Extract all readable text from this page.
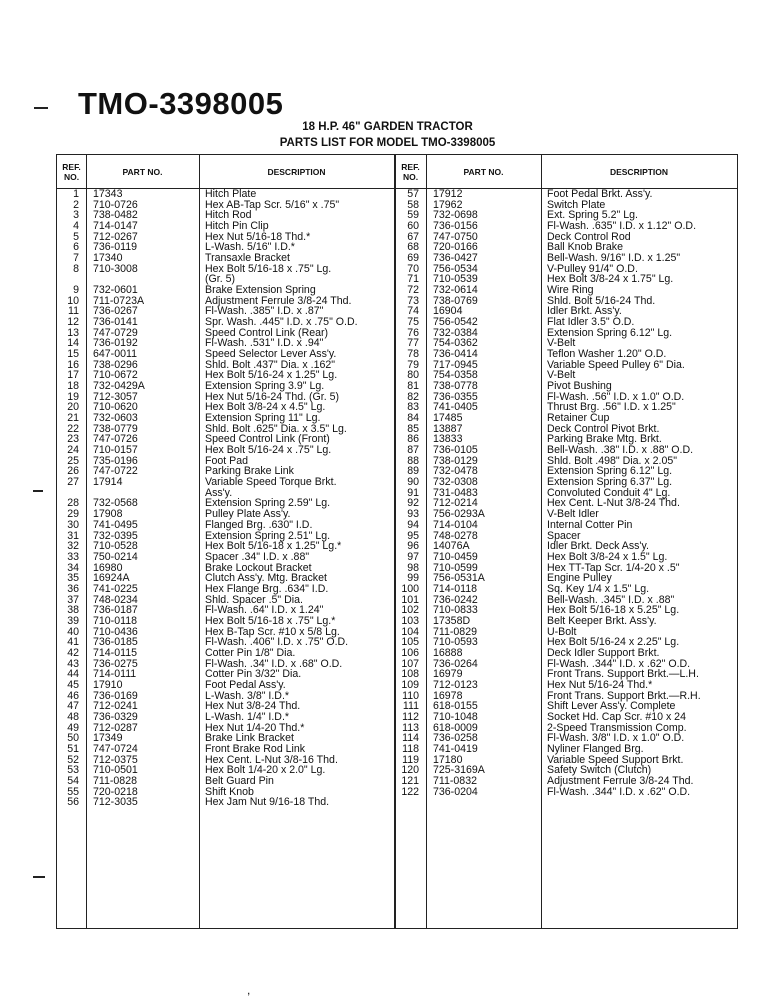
TMO-3398005
18 H.P. 46" GARDEN TRACTOR
PARTS LIST FOR MODEL TMO-3398005
REF. NO.	PART NO.	DESCRIPTION	REF. NO.	PART NO.	DESCRIPTION
1 17343	Hitch Plate	57 17912	Foot Pedal Brkt. Ass'y.
2 710-0726	Hex AB-Tap Scr. 5/16" x .75"	58 17962	Switch Plate
3 738-0482	Hitch Rod	59 732-0698	Ext. Spring 5.2" Lg.
4 714-0147	Hitch Pin Clip	60 736-0156	Fl-Wash. .635" I.D. x 1.12" O.D.
5 712-0267	Hex Nut 5/16-18 Thd.*	67 747-0750	Deck Control Rod
6 736-0119	L-Wash. 5/16" I.D.*	68 720-0166	Ball Knob Brake
7 17340	Transaxle Bracket	69 736-0427	Bell-Wash. 9/16" I.D. x 1.25"
8 710-3008	Hex Bolt 5/16-18 x .75" Lg.	70 756-0534	V-Pulley 91/4" O.D.
(Gr. 5)	71 710-0539	Hex Bolt 3/8-24 x 1.75" Lg.
9 732-0601	Brake Extension Spring	72 732-0614	Wire Ring
10 711-0723A	Adjustment Ferrule 3/8-24 Thd.	73 738-0769	Shld. Bolt 5/16-24 Thd.
11 736-0267	Fl-Wash. .385" I.D. x .87"	74 16904	Idler Brkt. Ass'y.
12 736-0141	Spr. Wash. .445" I.D. x .75" O.D.	75 756-0542	Flat Idler 3.5" O.D.
13 747-0729	Speed Control Link (Rear)	76 732-0384	Extension Spring 6.12" Lg.
14 736-0192	Fl-Wash. .531" I.D. x .94"	77 754-0362	V-Belt
15 647-0011	Speed Selector Lever Ass'y.	78 736-0414	Teflon Washer 1.20" O.D.
16 738-0296	Shld. Bolt .437" Dia. x .162"	79 717-0945	Variable Speed Pulley 6" Dia.
17 710-0672	Hex Bolt 5/16-24 x 1.25" Lg.	80 754-0358	V-Belt
18 732-0429A	Extension Spring 3.9" Lg.	81 738-0778	Pivot Bushing
19 712-3057	Hex Nut 5/16-24 Thd. (Gr. 5)	82 736-0355	Fl-Wash. .56" I.D. x 1.0" O.D.
20 710-0620	Hex Bolt 3/8-24 x 4.5" Lg.	83 741-0405	Thrust Brg. .56" I.D. x 1.25"
21 732-0603	Extension Spring 11" Lg.	84 17485	Retainer Cup
22 738-0779	Shld. Bolt .625" Dia. x 3.5" Lg.	85 13887	Deck Control Pivot Brkt.
23 747-0726	Speed Control Link (Front)	86 13833	Parking Brake Mtg. Brkt.
24 710-0157	Hex Bolt 5/16-24 x .75" Lg.	87 736-0105	Bell-Wash. .38" I.D. x .88" O.D.
25 735-0196	Foot Pad	88 738-0129	Shld. Bolt .498" Dia. x 2.05"
26 747-0722	Parking Brake Link	89 732-0478	Extension Spring 6.12" Lg.
27 17914	Variable Speed Torque Brkt.	90 732-0308	Extension Spring 6.37" Lg.
Ass'y.	91 731-0483	Convoluted Conduit 4" Lg.
28 732-0568	Extension Spring 2.59" Lg.	92 712-0214	Hex Cent. L-Nut 3/8-24 Thd.
29 17908	Pulley Plate Ass'y.	93 756-0293A	V-Belt Idler
30 741-0495	Flanged Brg. .630" I.D.	94 714-0104	Internal Cotter Pin
31 732-0395	Extension Spring 2.51" Lg.	95 748-0278	Spacer
32 710-0528	Hex Bolt 5/16-18 x 1.25" Lg.*	96 14076A	Idler Brkt. Deck Ass'y.
33 750-0214	Spacer .34" I.D. x .88"	97 710-0459	Hex Bolt 3/8-24 x 1.5" Lg.
34 16980	Brake Lockout Bracket	98 710-0599	Hex TT-Tap Scr. 1/4-20 x .5"
35 16924A	Clutch Ass'y. Mtg. Bracket	99 756-0531A	Engine Pulley
36 741-0225	Hex Flange Brg. .634" I.D.	100 714-0118	Sq. Key 1/4 x 1.5" Lg.
37 748-0234	Shld. Spacer .5" Dia.	101 736-0242	Bell-Wash. .345" I.D. x .88"
38 736-0187	Fl-Wash. .64" I.D. x 1.24"	102 710-0833	Hex Bolt 5/16-18 x 5.25" Lg.
39 710-0118	Hex Bolt 5/16-18 x .75" Lg.*	103 17358D	Belt Keeper Brkt. Ass'y.
40 710-0436	Hex B-Tap Scr. #10 x 5/8 Lg.	104 711-0829	U-Bolt
41 736-0185	Fl-Wash. .406" I.D. x .75" O.D.	105 710-0593	Hex Bolt 5/16-24 x 2.25" Lg.
42 714-0115	Cotter Pin 1/8" Dia.	106 16888	Deck Idler Support Brkt.
43 736-0275	Fl-Wash. .34" I.D. x .68" O.D.	107 736-0264	Fl-Wash. .344" I.D. x .62" O.D.
44 714-0111	Cotter Pin 3/32" Dia.	108 16979	Front Trans. Support Brkt.—L.H.
45 17910	Foot Pedal Ass'y.	109 712-0123	Hex Nut 5/16-24 Thd.*
46 736-0169	L-Wash. 3/8" I.D.*	110 16978	Front Trans. Support Brkt.—R.H.
47 712-0241	Hex Nut 3/8-24 Thd.	111 618-0155	Shift Lever Ass'y. Complete
48 736-0329	L-Wash. 1/4" I.D.*	112 710-1048	Socket Hd. Cap Scr. #10 x 24
49 712-0287	Hex Nut 1/4-20 Thd.*	113 618-0009	2-Speed Transmission Comp.
50 17349	Brake Link Bracket	114 736-0258	Fl-Wash. 3/8" I.D. x 1.0" O.D.
51 747-0724	Front Brake Rod Link	118 741-0419	Nyliner Flanged Brg.
52 712-0375	Hex Cent. L-Nut 3/8-16 Thd.	119 17180	Variable Speed Support Brkt.
53 710-0501	Hex Bolt 1/4-20 x 2.0" Lg.	120 725-3169A	Safety Switch (Clutch)
54 711-0828	Belt Guard Pin	121 711-0832	Adjustment Ferrule 3/8-24 Thd.
55 720-0218	Shift Knob	122 736-0204	Fl-Wash. .344" I.D. x .62" O.D.
56 712-3035	Hex Jam Nut 9/16-18 Thd.
,
